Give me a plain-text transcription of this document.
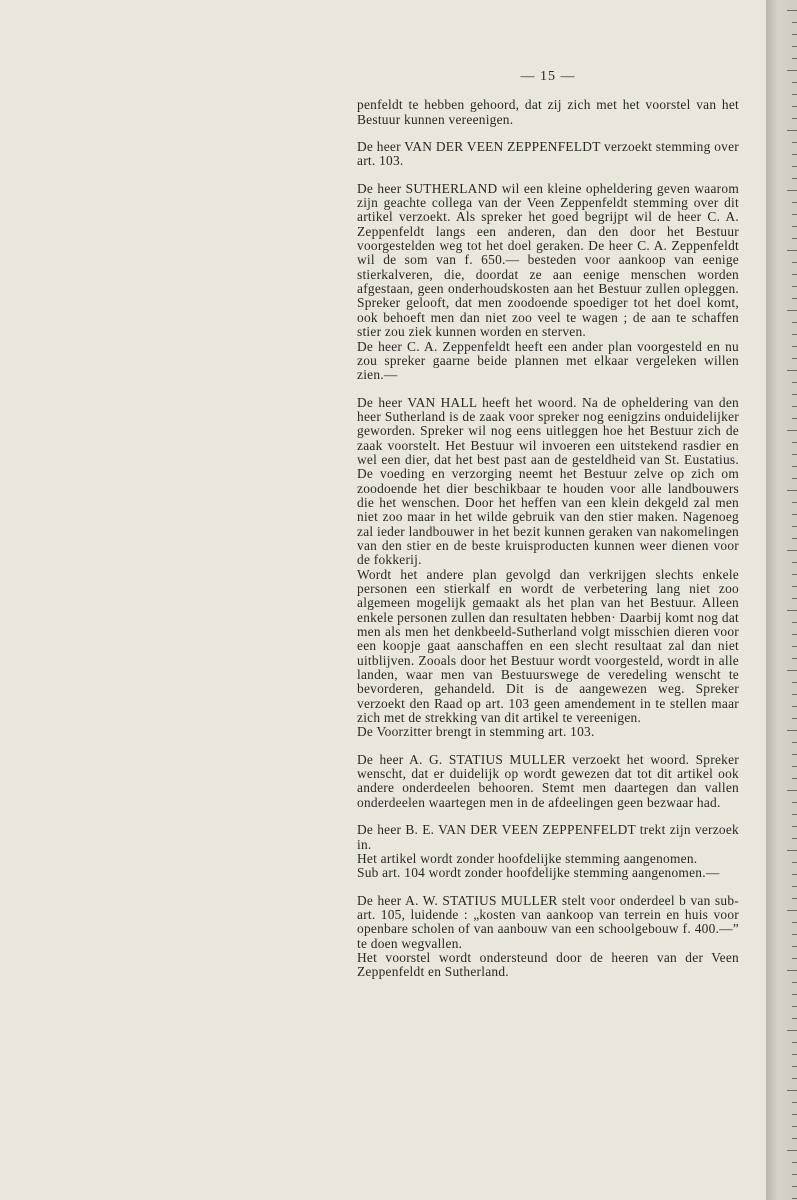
— 15 —

penfeldt te hebben gehoord, dat zij zich met het voorstel van het Bestuur kunnen vereenigen.

De heer VAN DER VEEN ZEPPENFELDT verzoekt stemming over art. 103.

De heer SUTHERLAND wil een kleine opheldering geven waarom zijn geachte collega van der Veen Zeppenfeldt stemming over dit artikel verzoekt. Als spreker het goed begrijpt wil de heer C. A. Zeppenfeldt langs een anderen, dan den door het Bestuur voorgestelden weg tot het doel geraken. De heer C. A. Zeppenfeldt wil de som van f. 650.— besteden voor aankoop van eenige stierkalveren, die, doordat ze aan eenige menschen worden afgestaan, geen onderhoudskosten aan het Bestuur zullen opleggen. Spreker gelooft, dat men zoodoende spoediger tot het doel komt, ook behoeft men dan niet zoo veel te wagen ; de aan te schaffen stier zou ziek kunnen worden en sterven.

De heer C. A. Zeppenfeldt heeft een ander plan voorgesteld en nu zou spreker gaarne beide plannen met elkaar vergeleken willen zien.—

De heer VAN HALL heeft het woord. Na de opheldering van den heer Sutherland is de zaak voor spreker nog eenigzins onduidelijker geworden. Spreker wil nog eens uitleggen hoe het Bestuur zich de zaak voorstelt. Het Bestuur wil invoeren een uitstekend rasdier en wel een dier, dat het best past aan de gesteldheid van St. Eustatius. De voeding en verzorging neemt het Bestuur zelve op zich om zoodoende het dier beschikbaar te houden voor alle landbouwers die het wenschen. Door het heffen van een klein dekgeld zal men niet zoo maar in het wilde gebruik van den stier maken. Nagenoeg zal ieder landbouwer in het bezit kunnen geraken van nakomelingen van den stier en de beste kruisproducten kunnen weer dienen voor de fokkerij.

Wordt het andere plan gevolgd dan verkrijgen slechts enkele personen een stierkalf en wordt de verbetering lang niet zoo algemeen mogelijk gemaakt als het plan van het Bestuur. Alleen enkele personen zullen dan resultaten hebben· Daarbij komt nog dat men als men het denkbeeld-Sutherland volgt misschien dieren voor een koopje gaat aanschaffen en een slecht resultaat zal dan niet uitblijven. Zooals door het Bestuur wordt voorgesteld, wordt in alle landen, waar men van Bestuurswege de veredeling wenscht te bevorderen, gehandeld. Dit is de aangewezen weg. Spreker verzoekt den Raad op art. 103 geen amendement in te stellen maar zich met de strekking van dit artikel te vereenigen.

De Voorzitter brengt in stemming art. 103.

De heer A. G. STATIUS MULLER verzoekt het woord. Spreker wenscht, dat er duidelijk op wordt gewezen dat tot dit artikel ook andere onderdeelen behooren. Stemt men daartegen dan vallen onderdeelen waartegen men in de afdeelingen geen bezwaar had.

De heer B. E. VAN DER VEEN ZEPPENFELDT trekt zijn verzoek in.

Het artikel wordt zonder hoofdelijke stemming aangenomen.

Sub art. 104 wordt zonder hoofdelijke stemming aangenomen.—

De heer A. W. STATIUS MULLER stelt voor onderdeel b van sub-art. 105, luidende : „kosten van aankoop van terrein en huis voor openbare scholen of van aanbouw van een schoolgebouw f. 400.—” te doen wegvallen.

Het voorstel wordt ondersteund door de heeren van der Veen Zeppenfeldt en Sutherland.
